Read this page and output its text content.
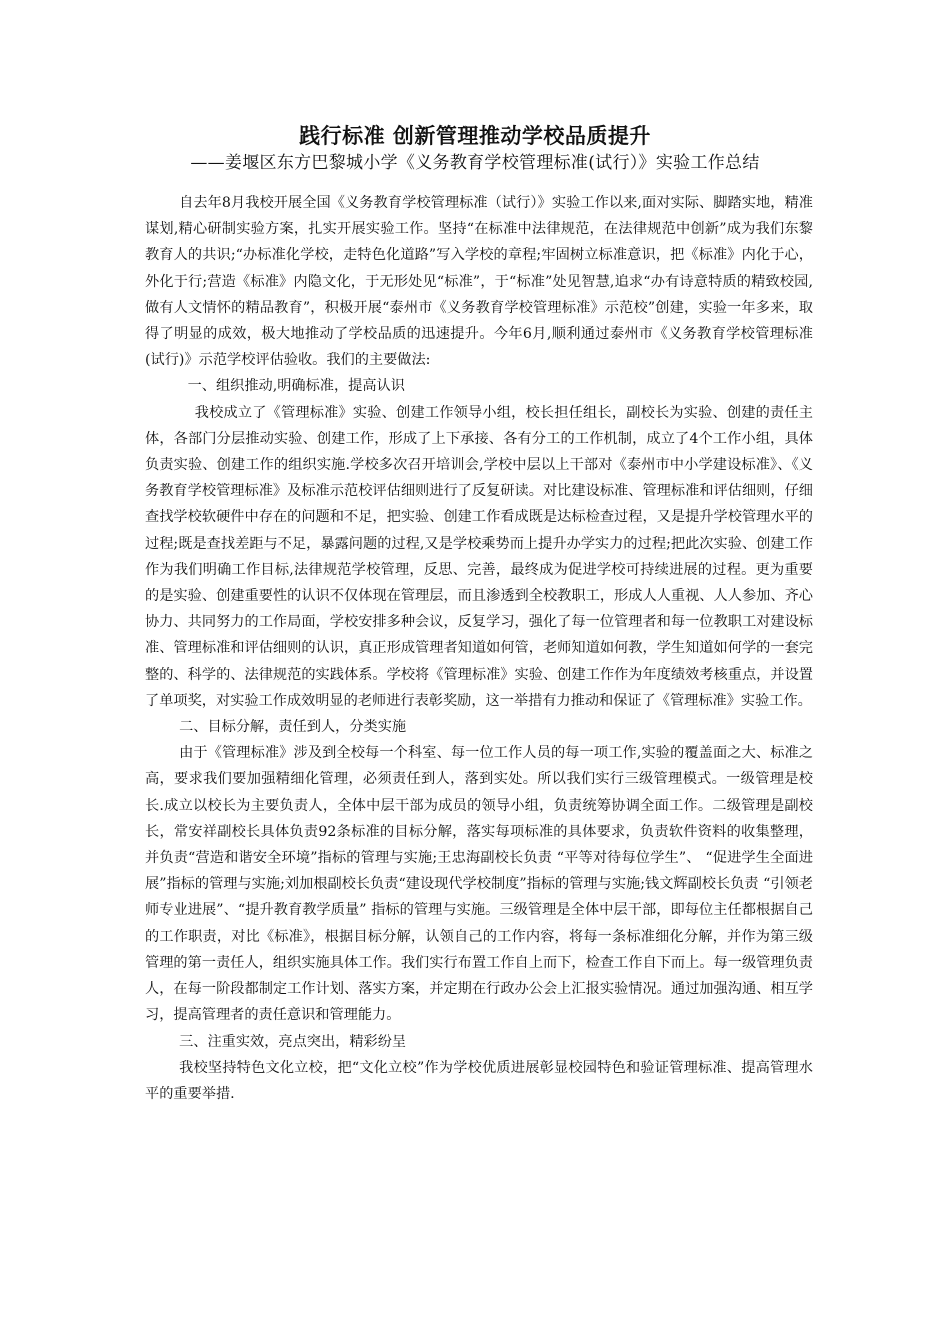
践行标准 创新管理推动学校品质提升
——姜堰区东方巴黎城小学《义务教育学校管理标准(试行）》实验工作总结

自去年8月我校开展全国《义务教育学校管理标准（试行）》实验工作以来,面对实际、脚踏实地，精准谋划,精心研制实验方案，扎实开展实验工作。坚持“在标准中法律规范，在法律规范中创新”成为我们东黎教育人的共识;“办标准化学校，走特色化道路”写入学校的章程;牢固树立标准意识，把《标准》内化于心，外化于行;营造《标准》内隐文化，于无形处见“标准”，于“标准”处见智慧,追求“办有诗意特质的精致校园,做有人文情怀的精品教育”，积极开展“泰州市《义务教育学校管理标准》示范校”创建，实验一年多来，取得了明显的成效，极大地推动了学校品质的迅速提升。今年6月,顺利通过泰州市《义务教育学校管理标准(试行)》示范学校评估验收。我们的主要做法:

一、组织推动,明确标准，提高认识

我校成立了《管理标准》实验、创建工作领导小组，校长担任组长，副校长为实验、创建的责任主体，各部门分层推动实验、创建工作，形成了上下承接、各有分工的工作机制，成立了4个工作小组，具体负责实验、创建工作的组织实施.学校多次召开培训会,学校中层以上干部对《泰州市中小学建设标准》、《义务教育学校管理标准》及标准示范校评估细则进行了反复研读。对比建设标准、管理标准和评估细则，仔细查找学校软硬件中存在的问题和不足，把实验、创建工作看成既是达标检查过程，又是提升学校管理水平的过程;既是查找差距与不足，暴露问题的过程,又是学校乘势而上提升办学实力的过程;把此次实验、创建工作作为我们明确工作目标,法律规范学校管理，反思、完善，最终成为促进学校可持续进展的过程。更为重要的是实验、创建重要性的认识不仅体现在管理层，而且渗透到全校教职工，形成人人重视、人人参加、齐心协力、共同努力的工作局面，学校安排多种会议，反复学习，强化了每一位管理者和每一位教职工对建设标准、管理标准和评估细则的认识，真正形成管理者知道如何管，老师知道如何教，学生知道如何学的一套完整的、科学的、法律规范的实践体系。学校将《管理标准》实验、创建工作作为年度绩效考核重点，并设置了单项奖，对实验工作成效明显的老师进行表彰奖励，这一举措有力推动和保证了《管理标准》实验工作。

二、目标分解，责任到人，分类实施

由于《管理标准》涉及到全校每一个科室、每一位工作人员的每一项工作,实验的覆盖面之大、标准之高，要求我们要加强精细化管理，必须责任到人，落到实处。所以我们实行三级管理模式。一级管理是校长.成立以校长为主要负责人，全体中层干部为成员的领导小组，负责统筹协调全面工作。二级管理是副校长，常安祥副校长具体负责92条标准的目标分解，落实每项标准的具体要求，负责软件资料的收集整理，并负责“营造和谐安全环境”指标的管理与实施;王忠海副校长负责 “平等对待每位学生”、 “促进学生全面进展”指标的管理与实施;刘加根副校长负责“建设现代学校制度”指标的管理与实施;钱文辉副校长负责 “引领老师专业进展”、“提升教育教学质量” 指标的管理与实施。三级管理是全体中层干部，即每位主任都根据自己的工作职责，对比《标准》，根据目标分解，认领自己的工作内容，将每一条标准细化分解，并作为第三级管理的第一责任人，组织实施具体工作。我们实行布置工作自上而下，检查工作自下而上。每一级管理负责人，在每一阶段都制定工作计划、落实方案，并定期在行政办公会上汇报实验情况。通过加强沟通、相互学习，提高管理者的责任意识和管理能力。

三、注重实效，亮点突出，精彩纷呈

我校坚持特色文化立校，把“文化立校”作为学校优质进展彰显校园特色和验证管理标准、提高管理水平的重要举措.
